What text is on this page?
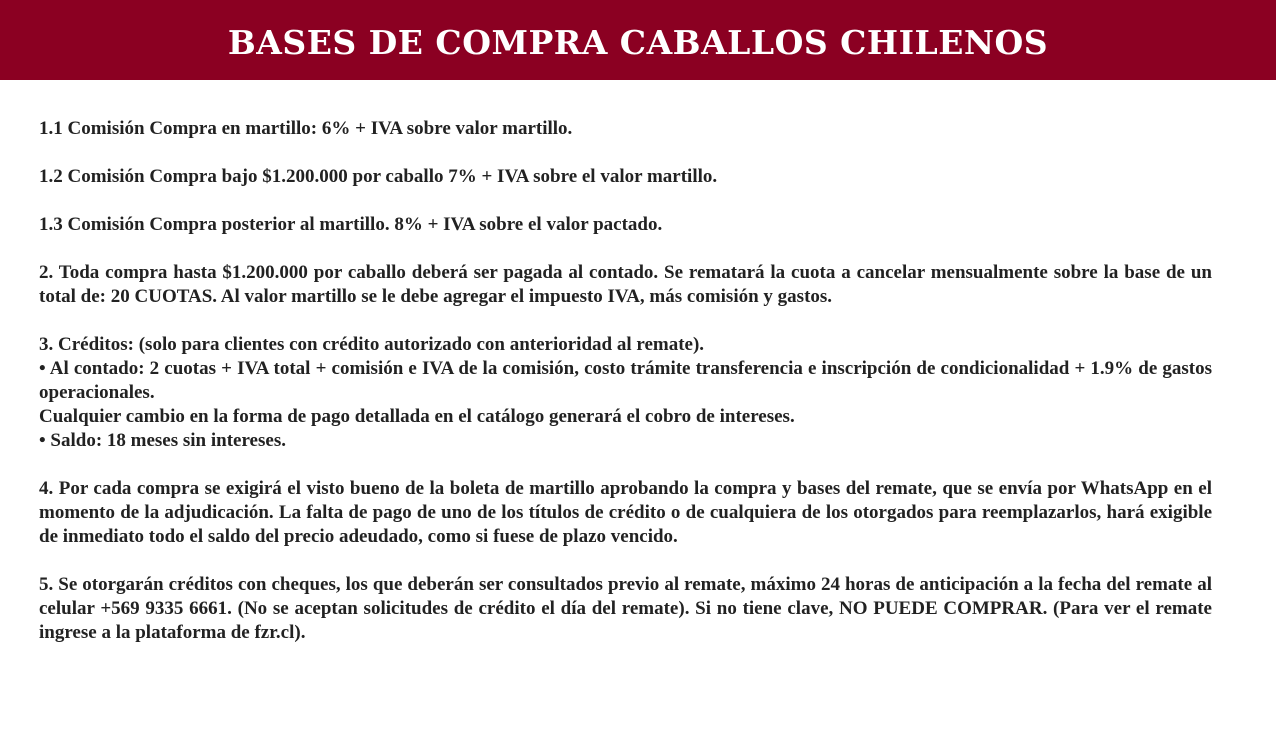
BASES DE COMPRA CABALLOS CHILENOS

1.1 Comisión Compra en martillo: 6% + IVA sobre valor martillo.

1.2 Comisión Compra bajo $1.200.000 por caballo 7% + IVA sobre el valor martillo.

1.3 Comisión Compra posterior al martillo. 8% + IVA sobre el valor pactado.

2. Toda compra hasta $1.200.000 por caballo deberá ser pagada al contado. Se rematará la cuota a cancelar mensualmente sobre la base de un total de: 20 CUOTAS. Al valor martillo se le debe agregar el impuesto IVA, más comisión y gastos.

3. Créditos: (solo para clientes con crédito autorizado con anterioridad al remate).
• Al contado: 2 cuotas + IVA total + comisión e IVA de la comisión, costo trámite transferencia e inscripción de condicionalidad + 1.9% de gastos operacionales.
Cualquier cambio en la forma de pago detallada en el catálogo generará el cobro de intereses.
• Saldo: 18 meses sin intereses.

4. Por cada compra se exigirá el visto bueno de la boleta de martillo aprobando la compra y bases del remate, que se envía por WhatsApp en el momento de la adjudicación. La falta de pago de uno de los títulos de crédito o de cualquiera de los otorgados para reemplazarlos, hará exigible de inmediato todo el saldo del precio adeudado, como si fuese de plazo vencido.

5. Se otorgarán créditos con cheques, los que deberán ser consultados previo al remate, máximo 24 horas de anticipación a la fecha del remate al celular +569 9335 6661. (No se aceptan solicitudes de crédito el día del remate). Si no tiene clave, NO PUEDE COMPRAR. (Para ver el remate ingrese a la plataforma de fzr.cl).
